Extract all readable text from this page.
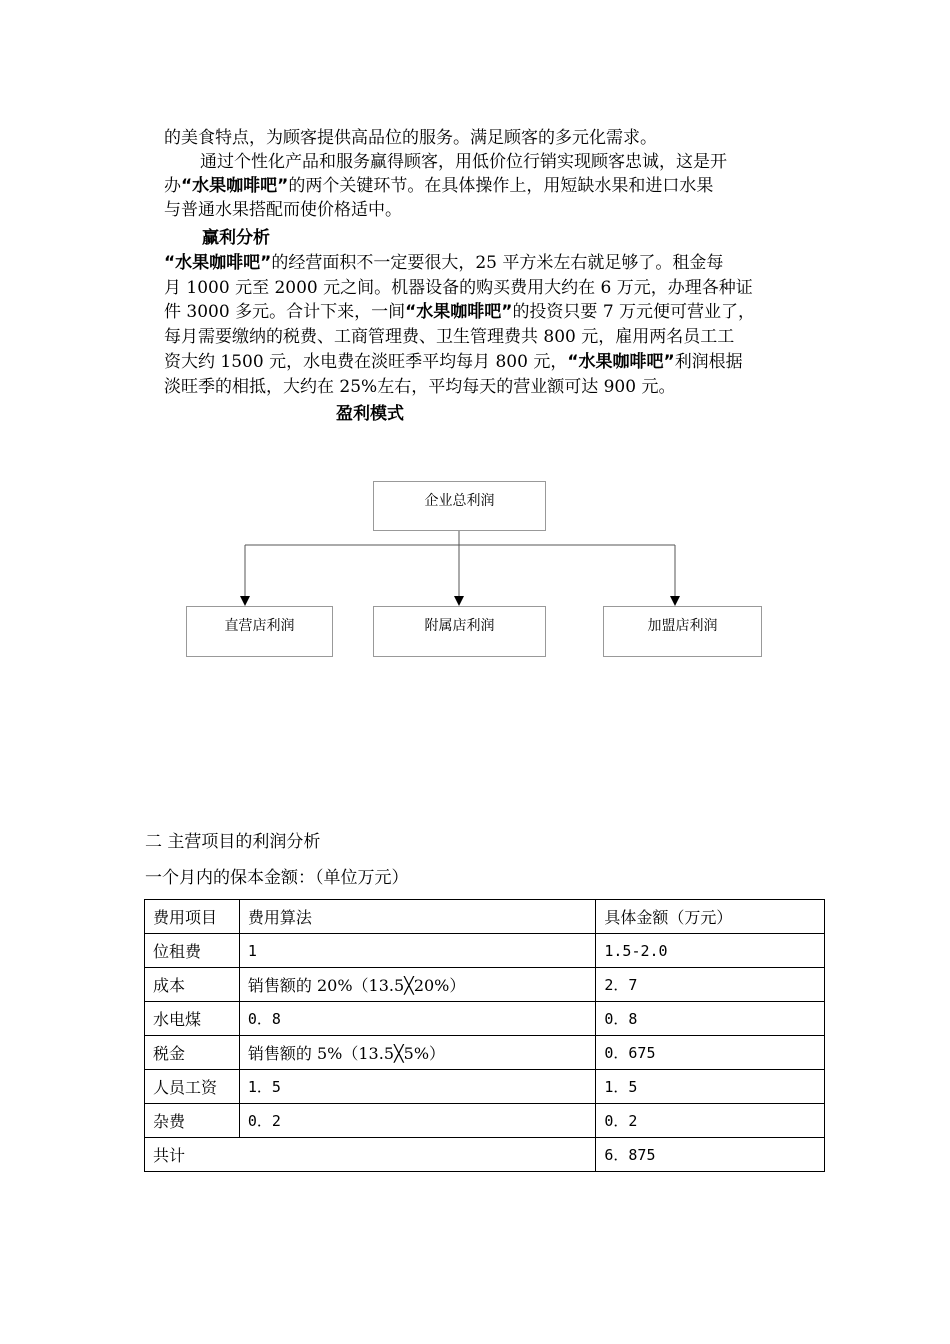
的美食特点，为顾客提供高品位的服务。满足顾客的多元化需求。
通过个性化产品和服务赢得顾客，用低价位行销实现顾客忠诚，这是开
办“水果咖啡吧”的两个关键环节。在具体操作上，用短缺水果和进口水果
与普通水果搭配而使价格适中。
赢利分析
“水果咖啡吧”的经营面积不一定要很大，25 平方米左右就足够了。租金每
月 1000 元至 2000 元之间。机器设备的购买费用大约在 6 万元，办理各种证
件 3000 多元。合计下来，一间“水果咖啡吧”的投资只要 7 万元便可营业了，
每月需要缴纳的税费、工商管理费、卫生管理费共 800 元，雇用两名员工工
资大约 1500 元，水电费在淡旺季平均每月 800 元，“水果咖啡吧”利润根据
淡旺季的相抵，大约在 25%左右，平均每天的营业额可达 900 元。
盈利模式
企业总利润
直营店利润	附属店利润	加盟店利润
二 主营项目的利润分析
一个月内的保本金额：（单位万元）
费用项目	费用算法	具体金额（万元）
位租费	1	1.5-2.0
成本	销售额的 20%（13.5╳20%）	2．7
水电煤	0．8	0．8
税金	销售额的 5%（13.5╳5%）	0．675
人员工资	1．5	1．5
杂费	0．2	0．2
共计		6．875
